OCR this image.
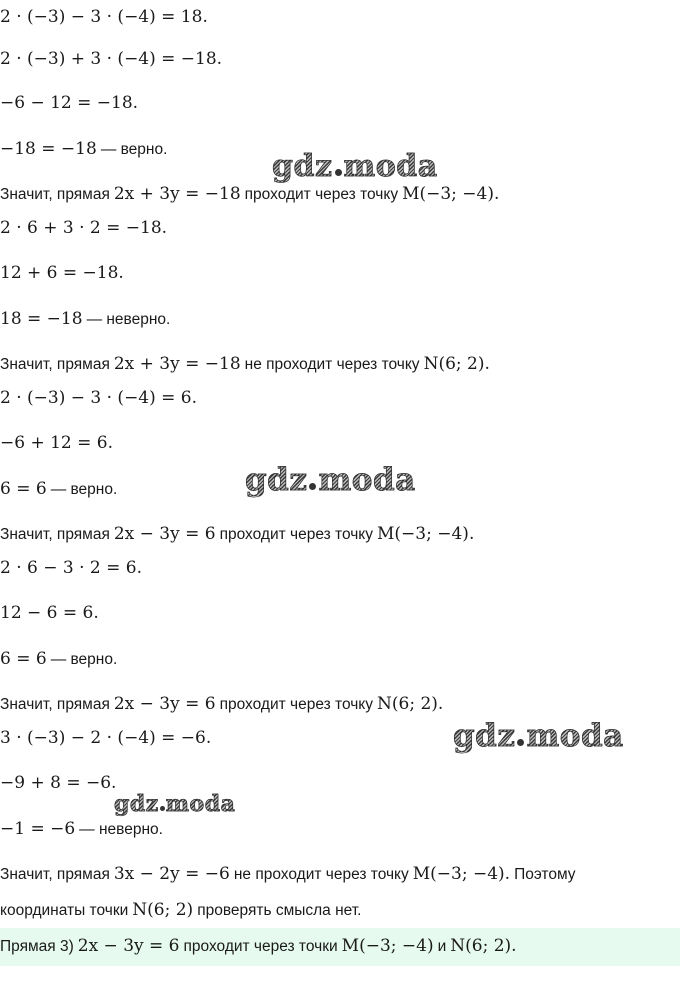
2 · (−3) − 3 · (−4) = 18.
2 · (−3) + 3 · (−4) = −18.
−6 − 12 = −18.
−18 = −18 — верно.
Значит, прямая 2x + 3y = −18 проходит через точку M(−3; −4).
2 · 6 + 3 · 2 = −18.
12 + 6 = −18.
18 = −18 — неверно.
Значит, прямая 2x + 3y = −18 не проходит через точку N(6; 2).
2 · (−3) − 3 · (−4) = 6.
−6 + 12 = 6.
6 = 6 — верно.
Значит, прямая 2x − 3y = 6 проходит через точку M(−3; −4).
2 · 6 − 3 · 2 = 6.
12 − 6 = 6.
6 = 6 — верно.
Значит, прямая 2x − 3y = 6 проходит через точку N(6; 2).
3 · (−3) − 2 · (−4) = −6.
−9 + 8 = −6.
−1 = −6 — неверно.
Значит, прямая 3x − 2y = −6 не проходит через точку M(−3; −4). Поэтому
координаты точки N(6; 2) проверять смысла нет.
Прямая 3) 2x − 3y = 6 проходит через точки M(−3; −4) и N(6; 2).
gdz moda
gdz moda
gdz moda
gdz moda
